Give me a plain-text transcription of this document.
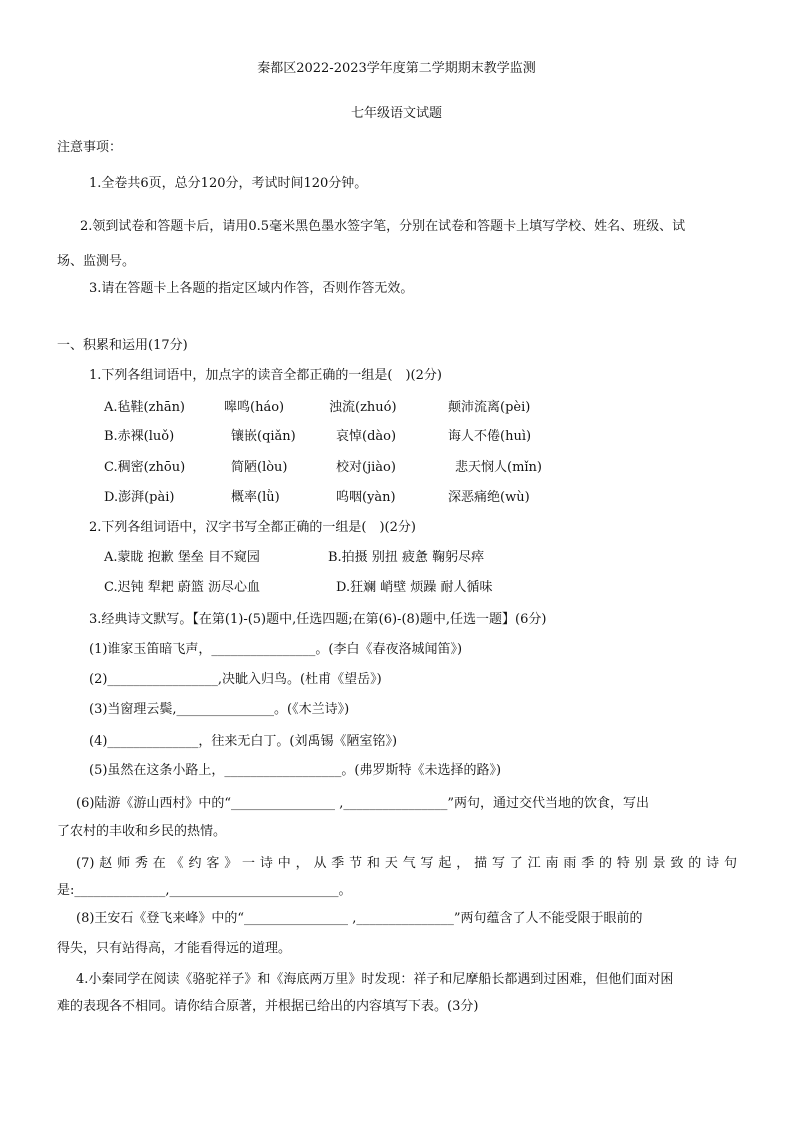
秦都区2022-2023学年度第二学期期末教学监测
七年级语文试题
注意事项：
1.全卷共6页，总分120分，考试时间120分钟。
2.领到试卷和答题卡后，请用0.5毫米黑色墨水签字笔，分别在试卷和答题卡上填写学校、姓名、班级、试
场、监测号。
3.请在答题卡上各题的指定区域内作答，否则作答无效。
一、积累和运用(17分)
1.下列各组词语中，加点字的读音全都正确的一组是(　)(2分)
A.毡鞋(zhān)	嗥鸣(háo)	浊流(zhuó)	颠沛流离(pèi)
B.赤裸(luǒ)	镶嵌(qiǎn)	哀悼(dào)	诲人不倦(huì)
C.稠密(zhōu)	简陋(lòu)	校对(jiào)	悲天悯人(mǐn)
D.澎湃(pài)	概率(lǜ)	呜咽(yàn)	深恶痛绝(wù)
2.下列各组词语中，汉字书写全都正确的一组是(　)(2分)
A.蒙眬 抱歉 堡垒 目不窥园	B.拍摄 别扭 疲惫 鞠躬尽瘁
C.迟钝 犁耙 蔚篮 沥尽心血	D.狂斓 峭壁 烦躁 耐人循味
3.经典诗文默写。【在第(1)-(5)题中,任选四题;在第(6)-(8)题中,任选一题】(6分)
(1)谁家玉笛暗飞声，________________。(李白《春夜洛城闻笛》)
(2)_________________,决眦入归鸟。(杜甫《望岳》)
(3)当窗理云鬓,_______________。(《木兰诗》)
(4)______________，往来无白丁。(刘禹锡《陋室铭》)
(5)虽然在这条小路上，__________________。(弗罗斯特《未选择的路》)
(6)陆游《游山西村》中的“________________ ,________________”两句，通过交代当地的饮食，写出
了农村的丰收和乡民的热情。
(7)赵师秀在《约客》一诗中，从季节和天气写起，描写了江南雨季的特别景致的诗句
是:______________,__________________________。
(8)王安石《登飞来峰》中的“________________ ,_______________”两句蕴含了人不能受限于眼前的
得失，只有站得高，才能看得远的道理。
4.小秦同学在阅读《骆驼祥子》和《海底两万里》时发现：祥子和尼摩船长都遇到过困难，但他们面对困
难的表现各不相同。请你结合原著，并根据已给出的内容填写下表。(3分)
